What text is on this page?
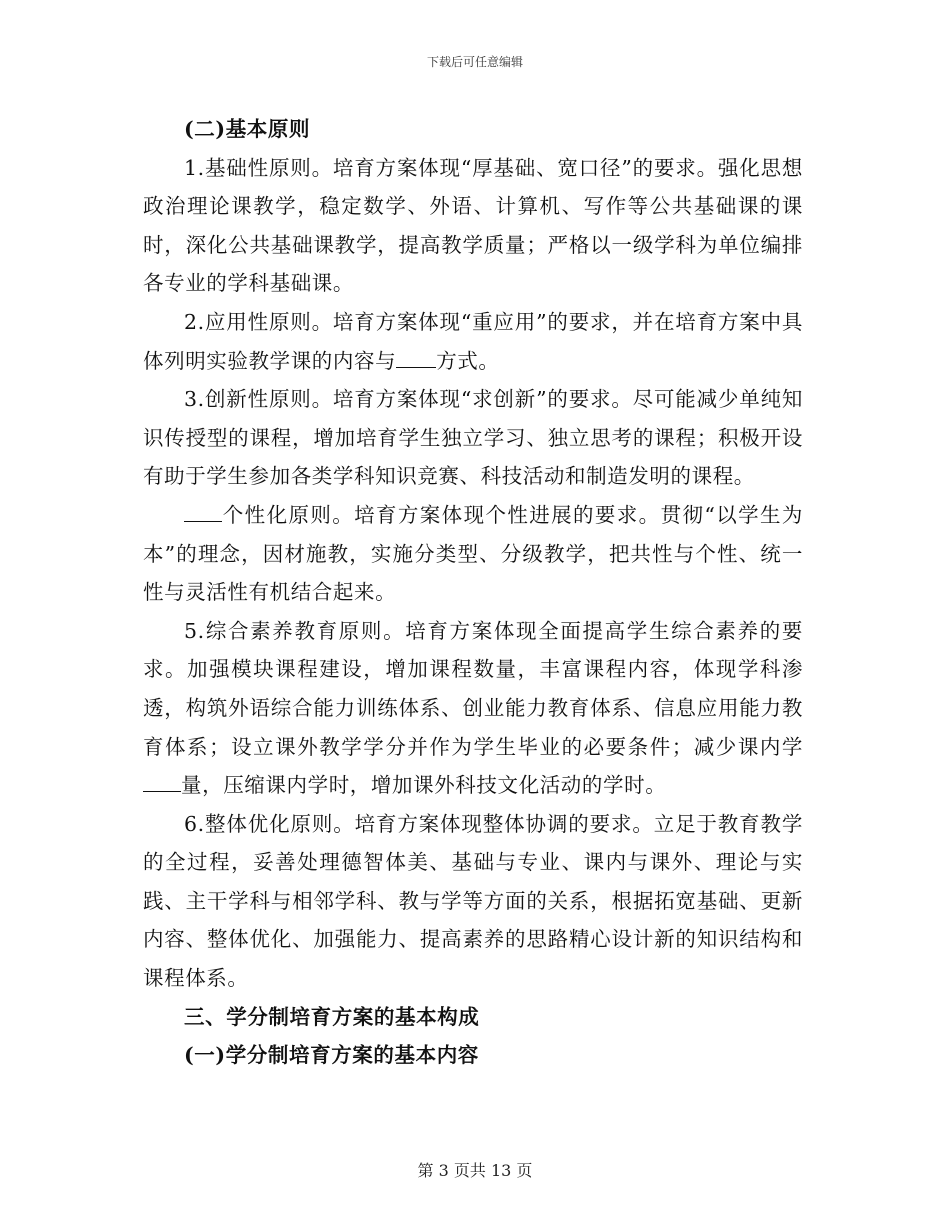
下载后可任意编辑

(二)基本原则

1.基础性原则。培育方案体现“厚基础、宽口径”的要求。强化思想政治理论课教学，稳定数学、外语、计算机、写作等公共基础课的课时，深化公共基础课教学，提高教学质量；严格以一级学科为单位编排各专业的学科基础课。

2.应用性原则。培育方案体现“重应用”的要求，并在培育方案中具体列明实验教学课的内容与 方式。

3.创新性原则。培育方案体现“求创新”的要求。尽可能减少单纯知识传授型的课程，增加培育学生独立学习、独立思考的课程；积极开设有助于学生参加各类学科知识竞赛、科技活动和制造发明的课程。

个性化原则。培育方案体现个性进展的要求。贯彻“以学生为本”的理念，因材施教，实施分类型、分级教学，把共性与个性、统一性与灵活性有机结合起来。

5.综合素养教育原则。培育方案体现全面提高学生综合素养的要求。加强模块课程建设，增加课程数量，丰富课程内容，体现学科渗透，构筑外语综合能力训练体系、创业能力教育体系、信息应用能力教育体系；设立课外教学学分并作为学生毕业的必要条件；减少课内学量，压缩课内学时，增加课外科技文化活动的学时。

6.整体优化原则。培育方案体现整体协调的要求。立足于教育教学的全过程，妥善处理德智体美、基础与专业、课内与课外、理论与实践、主干学科与相邻学科、教与学等方面的关系，根据拓宽基础、更新内容、整体优化、加强能力、提高素养的思路精心设计新的知识结构和课程体系。

三、学分制培育方案的基本构成

(一)学分制培育方案的基本内容

第 3 页共 13 页
